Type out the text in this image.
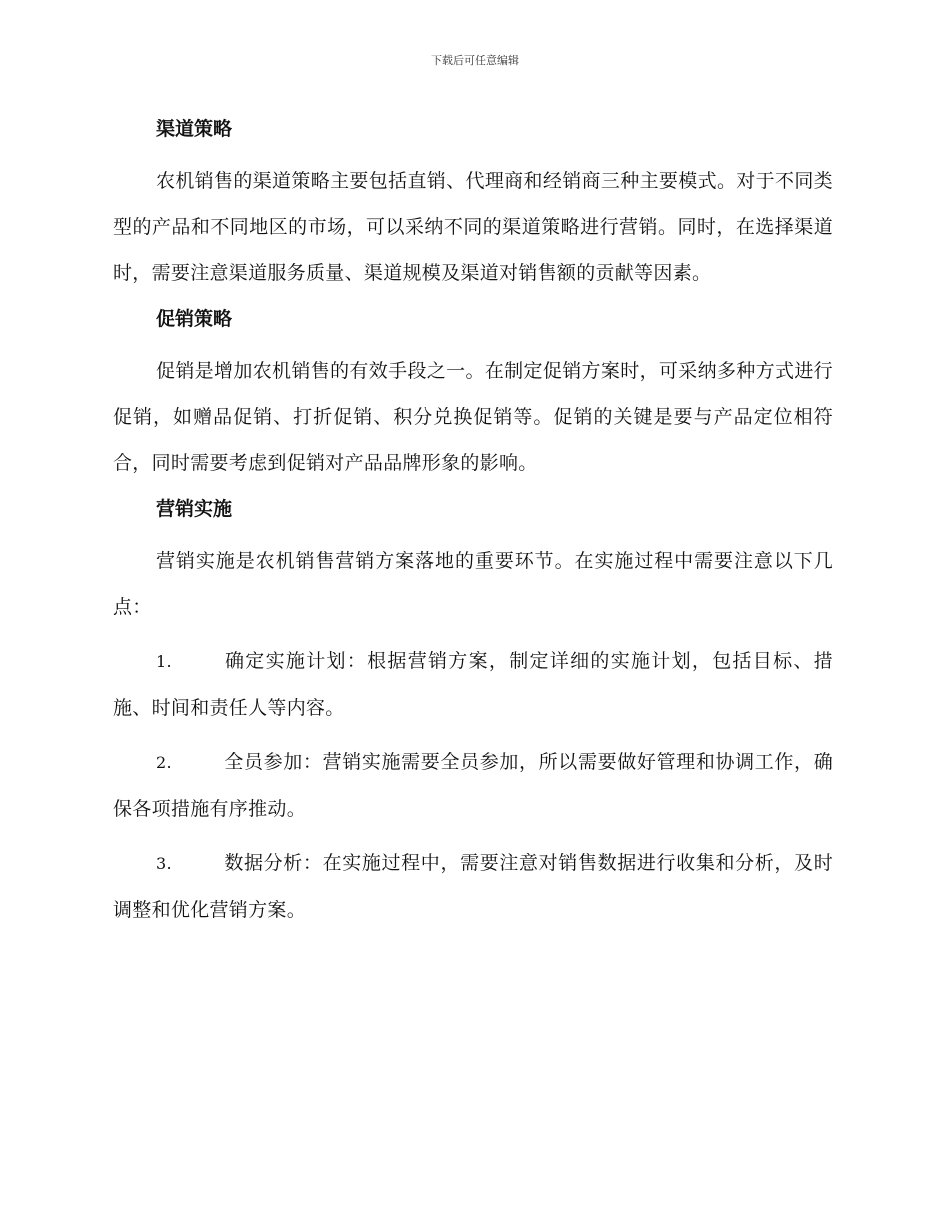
下载后可任意编辑
渠道策略

农机销售的渠道策略主要包括直销、代理商和经销商三种主要模式。对于不同类型的产品和不同地区的市场，可以采纳不同的渠道策略进行营销。同时，在选择渠道时，需要注意渠道服务质量、渠道规模及渠道对销售额的贡献等因素。

促销策略

促销是增加农机销售的有效手段之一。在制定促销方案时，可采纳多种方式进行促销，如赠品促销、打折促销、积分兑换促销等。促销的关键是要与产品定位相符合，同时需要考虑到促销对产品品牌形象的影响。

营销实施

营销实施是农机销售营销方案落地的重要环节。在实施过程中需要注意以下几点：

1.	确定实施计划：根据营销方案，制定详细的实施计划，包括目标、措施、时间和责任人等内容。

2.	全员参加：营销实施需要全员参加，所以需要做好管理和协调工作，确保各项措施有序推动。

3.	数据分析：在实施过程中，需要注意对销售数据进行收集和分析，及时调整和优化营销方案。
